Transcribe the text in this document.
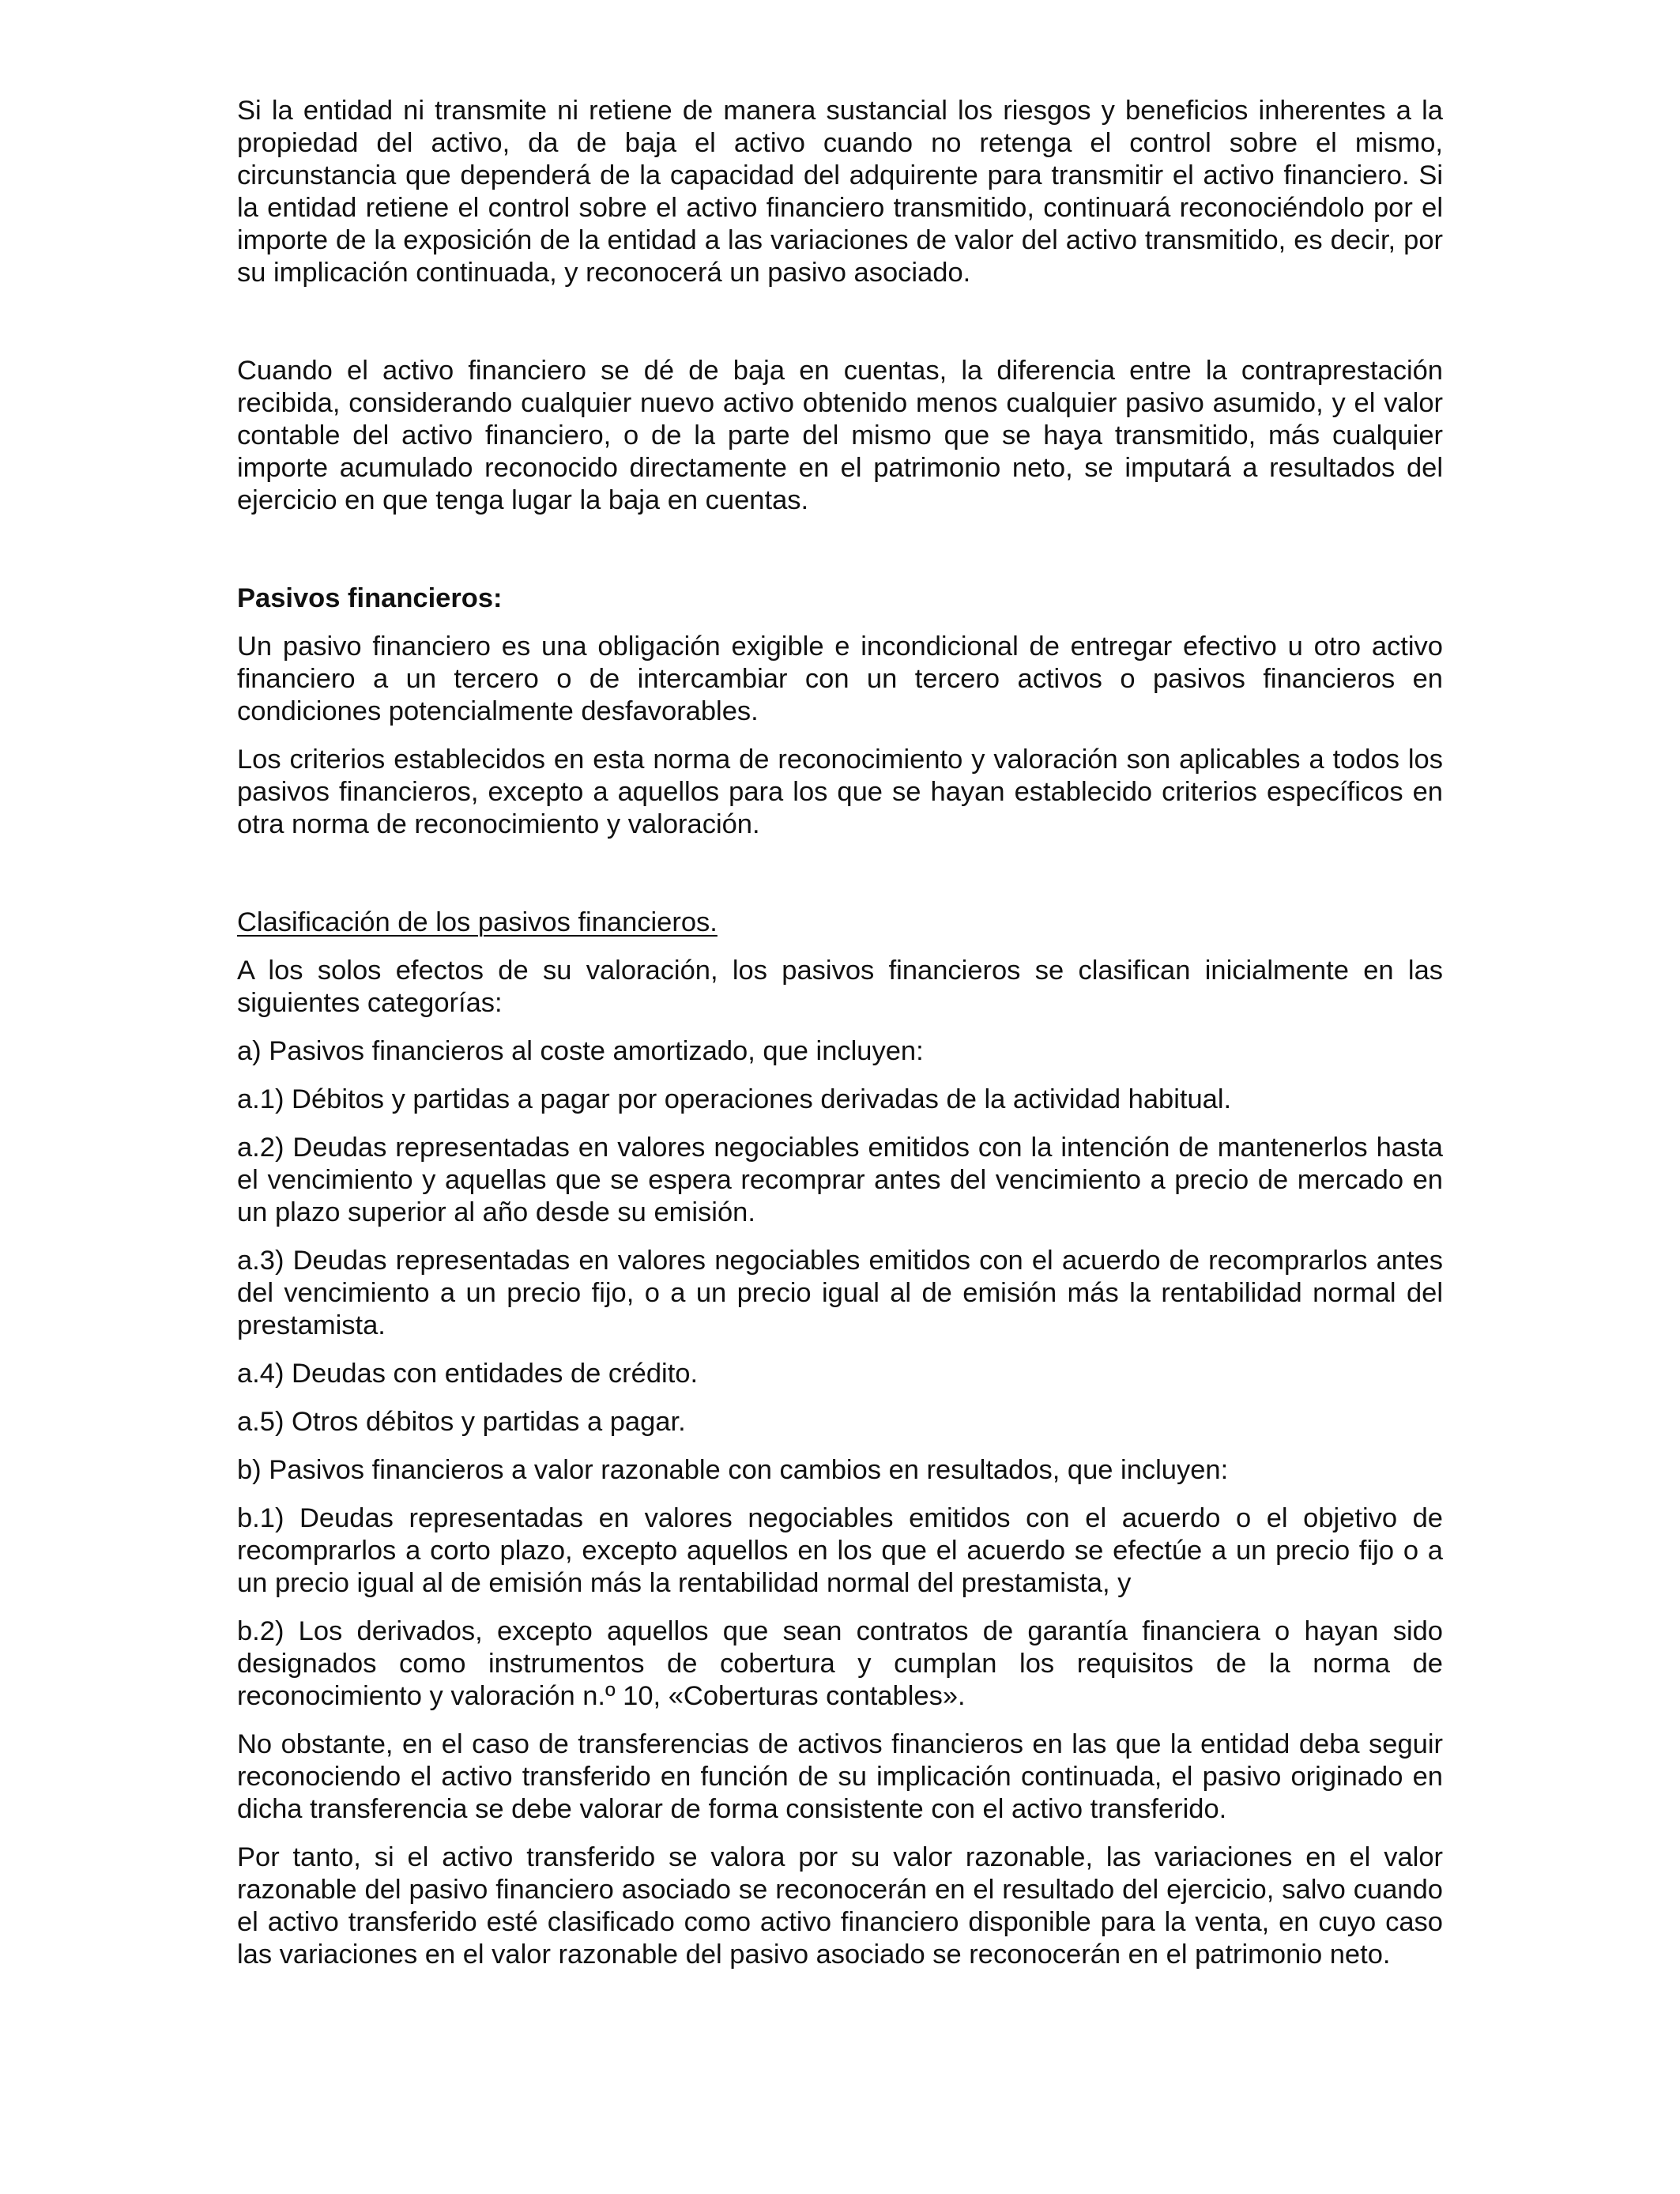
Si la entidad ni transmite ni retiene de manera sustancial los riesgos y beneficios inherentes a la propiedad del activo, da de baja el activo cuando no retenga el control sobre el mismo, circunstancia que dependerá de la capacidad del adquirente para transmitir el activo financiero. Si la entidad retiene el control sobre el activo financiero transmitido, continuará reconociéndolo por el importe de la exposición de la entidad a las variaciones de valor del activo transmitido, es decir, por su implicación continuada, y reconocerá un pasivo asociado.

Cuando el activo financiero se dé de baja en cuentas, la diferencia entre la contraprestación recibida, considerando cualquier nuevo activo obtenido menos cualquier pasivo asumido, y el valor contable del activo financiero, o de la parte del mismo que se haya transmitido, más cualquier importe acumulado reconocido directamente en el patrimonio neto, se imputará a resultados del ejercicio en que tenga lugar la baja en cuentas.

Pasivos financieros:

Un pasivo financiero es una obligación exigible e incondicional de entregar efectivo u otro activo financiero a un tercero o de intercambiar con un tercero activos o pasivos financieros en condiciones potencialmente desfavorables.

Los criterios establecidos en esta norma de reconocimiento y valoración son aplicables a todos los pasivos financieros, excepto a aquellos para los que se hayan establecido criterios específicos en otra norma de reconocimiento y valoración.

Clasificación de los pasivos financieros.

A los solos efectos de su valoración, los pasivos financieros se clasifican inicialmente en las siguientes categorías:

a) Pasivos financieros al coste amortizado, que incluyen:

a.1) Débitos y partidas a pagar por operaciones derivadas de la actividad habitual.

a.2) Deudas representadas en valores negociables emitidos con la intención de mantenerlos hasta el vencimiento y aquellas que se espera recomprar antes del vencimiento a precio de mercado en un plazo superior al año desde su emisión.

a.3) Deudas representadas en valores negociables emitidos con el acuerdo de recomprarlos antes del vencimiento a un precio fijo, o a un precio igual al de emisión más la rentabilidad normal del prestamista.

a.4) Deudas con entidades de crédito.

a.5) Otros débitos y partidas a pagar.

b) Pasivos financieros a valor razonable con cambios en resultados, que incluyen:

b.1) Deudas representadas en valores negociables emitidos con el acuerdo o el objetivo de recomprarlos a corto plazo, excepto aquellos en los que el acuerdo se efectúe a un precio fijo o a un precio igual al de emisión más la rentabilidad normal del prestamista, y

b.2) Los derivados, excepto aquellos que sean contratos de garantía financiera o hayan sido designados como instrumentos de cobertura y cumplan los requisitos de la norma de reconocimiento y valoración n.º 10, «Coberturas contables».

No obstante, en el caso de transferencias de activos financieros en las que la entidad deba seguir reconociendo el activo transferido en función de su implicación continuada, el pasivo originado en dicha transferencia se debe valorar de forma consistente con el activo transferido.

Por tanto, si el activo transferido se valora por su valor razonable, las variaciones en el valor razonable del pasivo financiero asociado se reconocerán en el resultado del ejercicio, salvo cuando el activo transferido esté clasificado como activo financiero disponible para la venta, en cuyo caso las variaciones en el valor razonable del pasivo asociado se reconocerán en el patrimonio neto.
